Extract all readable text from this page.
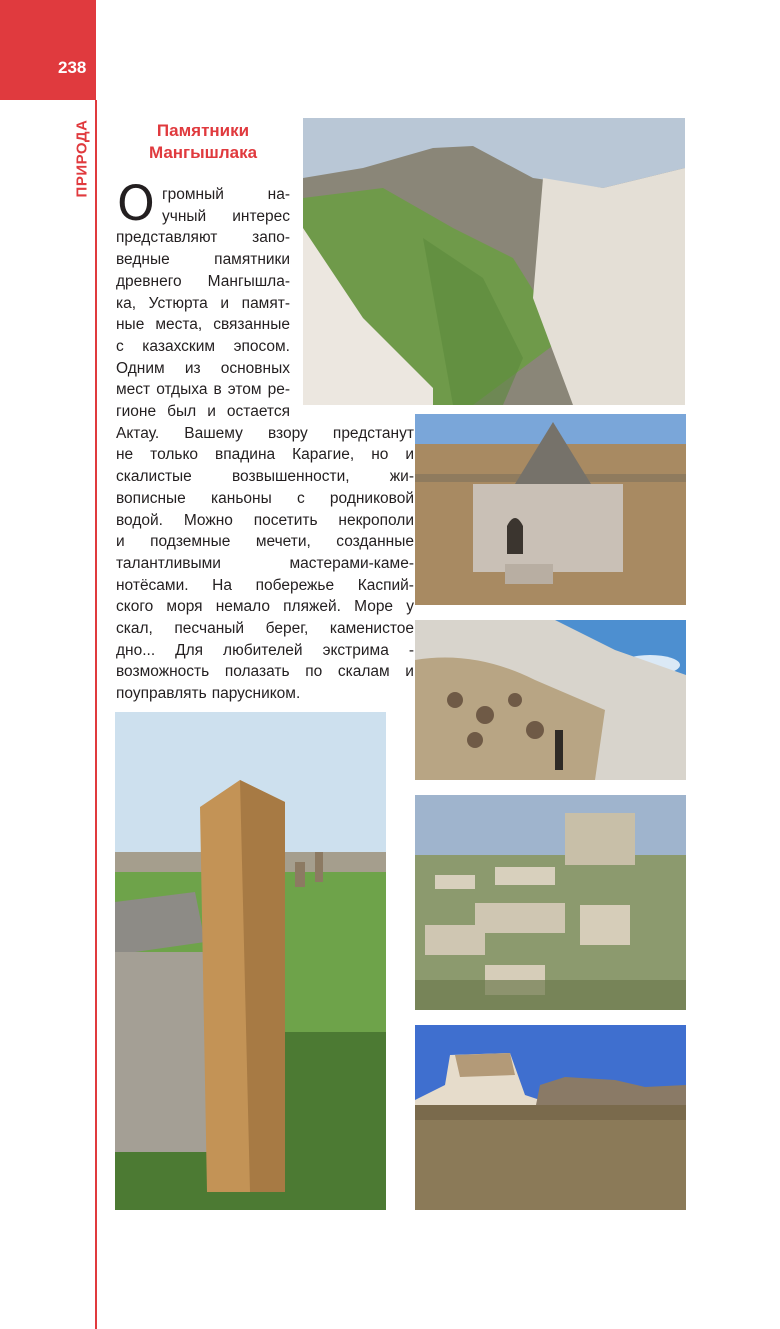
238
ПРИРОДА	Памятники
Мангышлака
О громный	на-
учный интерес
представляют запо-
ведные	памятники
древнего Мангышла-
ка, Устюрта и памят-
ные места, связанные
с казахским эпосом.
Одним из основных
мест отдыха в этом ре-
гионе был и остается
Актау. Вашему взору предстанут
не только впадина Карагие, но и
скалистые	возвышенности,	жи-
вописные каньоны с родниковой
водой. Можно посетить некрополи
и подземные мечети, созданные
талантливыми	мастерами-каме-
нотёсами. На побережье Каспий-
ского моря немало пляжей. Море у
скал, песчаный берег, каменистое
дно... Для любителей экстрима -
возможность полазать по скалам и
поуправлять парусником.
